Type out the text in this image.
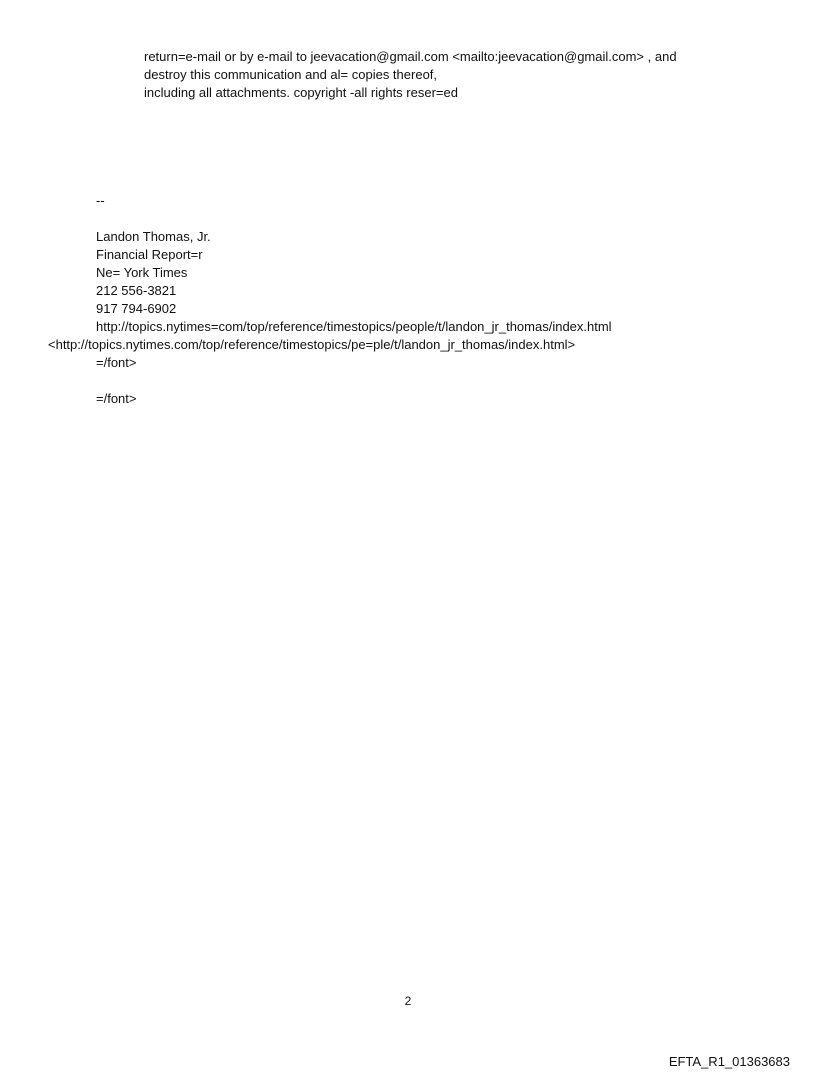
return=e-mail or by e-mail to jeevacation@gmail.com <mailto:jeevacation@gmail.com> , and
destroy this communication and al= copies thereof,
including all attachments. copyright -all rights reser=ed
--
Landon Thomas, Jr.
Financial Report=r
Ne= York Times
212 556-3821
917 794-6902
http://topics.nytimes=com/top/reference/timestopics/people/t/landon_jr_thomas/index.html
<http://topics.nytimes.com/top/reference/timestopics/pe=ple/t/landon_jr_thomas/index.html>
=/font>
=/font>
2
EFTA_R1_01363683
